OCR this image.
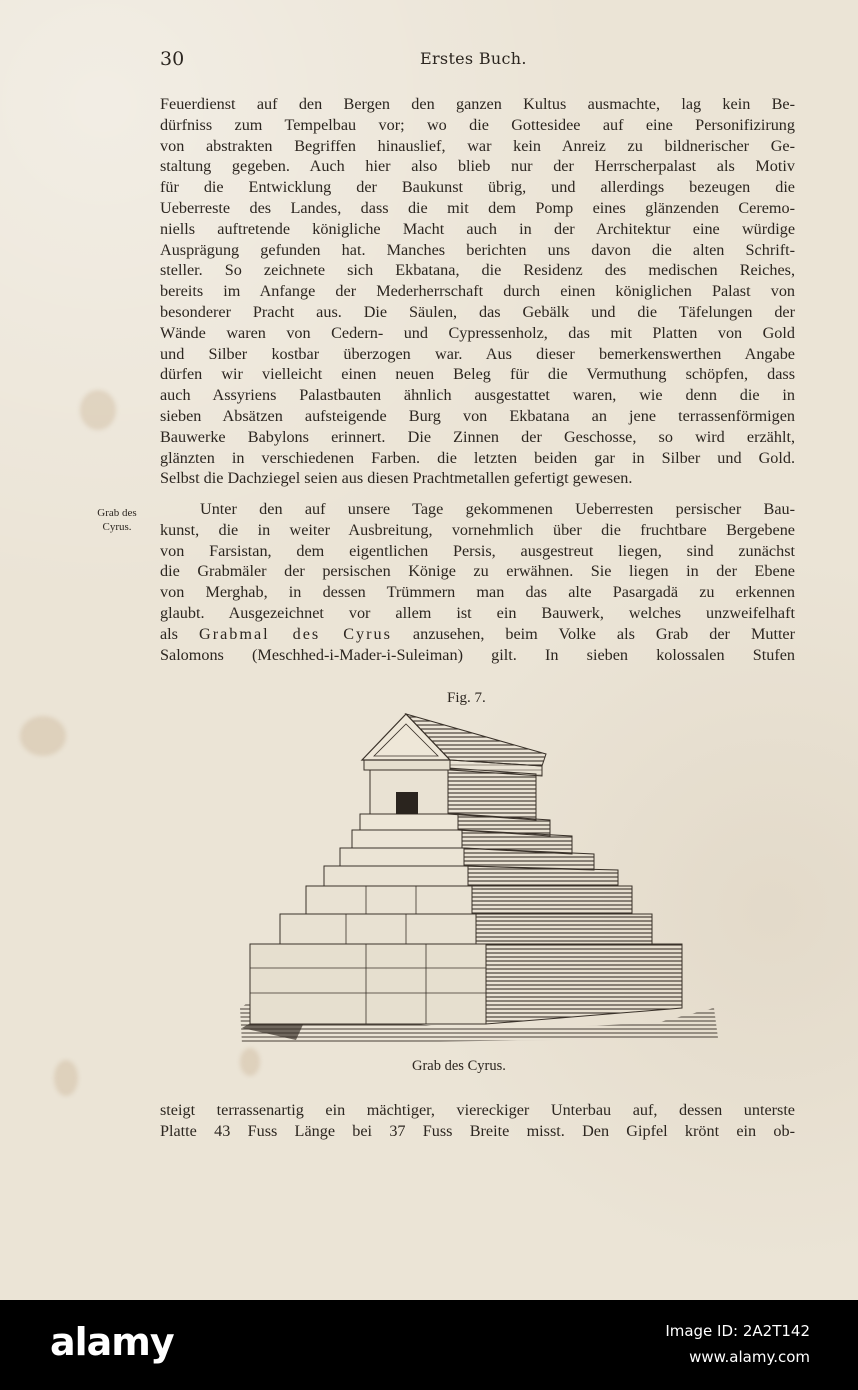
30	Erstes Buch.
Feuerdienst auf den Bergen den ganzen Kultus ausmachte, lag kein Be-
dürfniss zum Tempelbau vor; wo die Gottesidee auf eine Personifizirung
von abstrakten Begriffen hinauslief, war kein Anreiz zu bildnerischer Ge-
staltung gegeben. Auch hier also blieb nur der Herrscherpalast als Motiv
für die Entwicklung der Baukunst übrig, und allerdings bezeugen die
Ueberreste des Landes, dass die mit dem Pomp eines glänzenden Ceremo-
niells auftretende königliche Macht auch in der Architektur eine würdige
Ausprägung gefunden hat. Manches berichten uns davon die alten Schrift-
steller. So zeichnete sich Ekbatana, die Residenz des medischen Reiches,
bereits im Anfange der Mederherrschaft durch einen königlichen Palast von
besonderer Pracht aus. Die Säulen, das Gebälk und die Täfelungen der
Wände waren von Cedern- und Cypressenholz, das mit Platten von Gold
und Silber kostbar überzogen war. Aus dieser bemerkenswerthen Angabe
dürfen wir vielleicht einen neuen Beleg für die Vermuthung schöpfen, dass
auch Assyriens Palastbauten ähnlich ausgestattet waren, wie denn die in
sieben Absätzen aufsteigende Burg von Ekbatana an jene terrassenförmigen
Bauwerke Babylons erinnert. Die Zinnen der Geschosse, so wird erzählt,
glänzten in verschiedenen Farben. die letzten beiden gar in Silber und Gold.
Selbst die Dachziegel seien aus diesen Prachtmetallen gefertigt gewesen.
Grab des
Cyrus.
Unter den auf unsere Tage gekommenen Ueberresten persischer Bau-
kunst, die in weiter Ausbreitung, vornehmlich über die fruchtbare Bergebene
von Farsistan, dem eigentlichen Persis, ausgestreut liegen, sind zunächst
die Grabmäler der persischen Könige zu erwähnen. Sie liegen in der Ebene
von Merghab, in dessen Trümmern man das alte Pasargadä zu erkennen
glaubt. Ausgezeichnet vor allem ist ein Bauwerk, welches unzweifelhaft
als Grabmal des Cyrus anzusehen, beim Volke als Grab der Mutter
Salomons (Meschhed-i-Mader-i-Suleiman) gilt. In sieben kolossalen Stufen
Fig. 7.
Grab des Cyrus.
steigt terrassenartig ein mächtiger, viereckiger Unterbau auf, dessen unterste
Platte 43 Fuss Länge bei 37 Fuss Breite misst. Den Gipfel krönt ein ob-
alamy	Image ID: 2A2T142
www.alamy.com
